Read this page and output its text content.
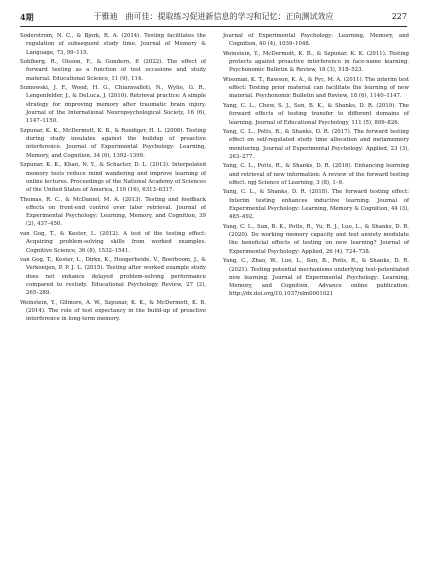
4期	于雅迪　曲可佳：提取练习促进新信息的学习和记忆：正向测试效应	227

Soderstrom, N. C., & Bjork, R. A. (2014). Testing facilitates the regulation of subsequent study time. Journal of Memory & Language, 73, 99–115.

Sohlberg, R., Olsson, F., & Gundern, P. (2022). The effect of forward testing as a function of test occasions and study material. Educational Science, 11 (9), 114.

Sumowski, J. F., Wood, H. G., Chiaravalloti, N., Wylie, G. R., Lengenfelder, J., & DeLuca, J. (2010). Retrieval practice: A simple strategy for improving memory after traumatic brain injury. Journal of the International Neuropsychological Society, 16 (6), 1147–1150.

Szpunar, K. K., McDermott, K. B., & Roediger, H. L. (2008). Testing during study insulates against the buildup of proactive interference. Journal of Experimental Psychology: Learning, Memory, and Cognition, 34 (6), 1392–1399.

Szpunar, K. K., Khan, N. Y., & Schacter, D. L. (2013). Interpolated memory tests reduce mind wandering and improve learning of online lectures. Proceedings of the National Academy of Sciences of the United States of America, 110 (16), 6313–6317.

Thomas, R. C., & McDaniel, M. A. (2013). Testing and feedback effects on front-end control over later retrieval. Journal of Experimental Psychology: Learning, Memory, and Cognition, 39 (2), 437–450.

van Gog, T., & Kester, L. (2012). A test of the testing effect: Acquiring problem-solving skills from worked examples. Cognitive Science, 36 (8), 1532–1541.

van Gog, T., Kester, L., Dirkx, K., Hoogerheide, V., Boerboom, J., & Verkoeijen, P. P. J. L. (2015). Testing after worked example study does not enhance delayed problem-solving performance compared to restudy. Educational Psychology Review, 27 (2), 265–289.

Weinstein, Y., Gilmore, A. W., Szpunar, K. K., & McDermott, K. B. (2014). The role of test expectancy in the build-up of proactive interference in long-term memory.

Journal of Experimental Psychology: Learning, Memory, and Cognition, 40 (4), 1039–1048.

Weinstein, Y., McDermott, K. B., & Szpunar, K. K. (2011). Testing protects against proactive interference in face-name learning. Psychonomic Bulletin & Review, 18 (3), 518–523.

Wissman, K. T., Rawson, K. A., & Pyc, M. A. (2011). The interim test effect: Testing prior material can facilitate the learning of new material. Psychonomic Bulletin and Review, 18 (6), 1140–1147.

Yang, C. L., Chew, S. J., Sun, B. K., & Shanks, D. R. (2019). The forward effects of testing transfer to different domains of learning. Journal of Educational Psychology, 111 (5), 809–826.

Yang, C. L., Potts, R., & Shanks, D. R. (2017). The forward testing effect on self-regulated study time allocation and metamemory monitoring. Journal of Experimental Psychology: Applied, 23 (3), 263–277.

Yang, C. L., Potts, R., & Shanks, D. R. (2018). Enhancing learning and retrieval of new information: A review of the forward testing effect. npj Science of Learning, 3 (8), 1–9.

Yang, C. L., & Shanks, D. R. (2018). The forward testing effect: Interim testing enhances inductive learning. Journal of Experimental Psychology: Learning, Memory & Cognition, 44 (3), 485–492.

Yang, C. L., Sun, B. K., Potts, R., Yu, R. J., Luo, L., & Shanks, D. R. (2020). Do working memory capacity and test anxiety modulate the beneficial effects of testing on new learning? Journal of Experimental Psychology: Applied, 26 (4), 724–738.

Yang, C., Zhao, W., Luo, L., Sun, B., Potts, R., & Shanks, D. R. (2021). Testing potential mechanisms underlying test-potentiated new learning. Journal of Experimental Psychology: Learning, Memory, and Cognition. Advance online publication. http://dx.doi.org/10.1037/xlm0001021
